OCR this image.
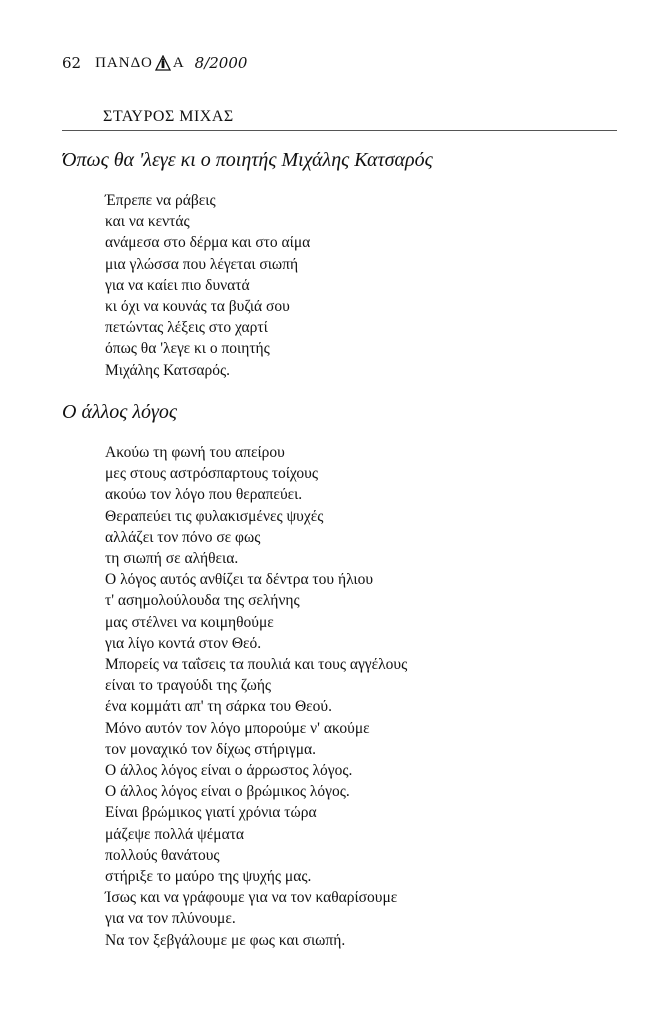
62 ΠΑΝΔΟ Α 8/2000
ΣΤΑΥΡΟΣ ΜΙΧΑΣ
Όπως θα 'λεγε κι ο ποιητής Μιχάλης Κατσαρός
Έπρεπε να ράβεις
και να κεντάς
ανάμεσα στο δέρμα και στο αίμα
μια γλώσσα που λέγεται σιωπή
για να καίει πιο δυνατά
κι όχι να κουνάς τα βυζιά σου
πετώντας λέξεις στο χαρτί
όπως θα 'λεγε κι ο ποιητής
Μιχάλης Κατσαρός.
Ο άλλος λόγος
Ακούω τη φωνή του απείρου
μες στους αστρόσπαρτους τοίχους
ακούω τον λόγο που θεραπεύει.
Θεραπεύει τις φυλακισμένες ψυχές
αλλάζει τον πόνο σε φως
τη σιωπή σε αλήθεια.
Ο λόγος αυτός ανθίζει τα δέντρα του ήλιου
τ' ασημολούλουδα της σελήνης
μας στέλνει να κοιμηθούμε
για λίγο κοντά στον Θεό.
Μπορείς να ταΐσεις τα πουλιά και τους αγγέλους
είναι το τραγούδι της ζωής
ένα κομμάτι απ' τη σάρκα του Θεού.
Μόνο αυτόν τον λόγο μπορούμε ν' ακούμε
τον μοναχικό τον δίχως στήριγμα.
Ο άλλος λόγος είναι ο άρρωστος λόγος.
Ο άλλος λόγος είναι ο βρώμικος λόγος.
Είναι βρώμικος γιατί χρόνια τώρα
μάζεψε πολλά ψέματα
πολλούς θανάτους
στήριξε το μαύρο της ψυχής μας.
Ίσως και να γράφουμε για να τον καθαρίσουμε
για να τον πλύνουμε.
Να τον ξεβγάλουμε με φως και σιωπή.
